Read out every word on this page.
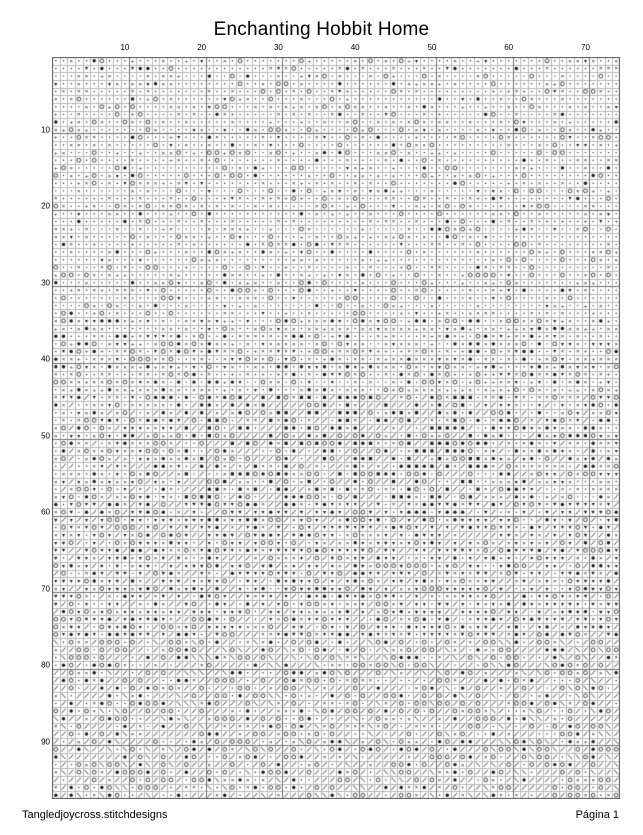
Enchanting Hobbit Home
10	20	30	40	50	60	70
10
20
30
40
50
60
70
80
90
Tangledjoycross.stitchdesigns	Página 1
